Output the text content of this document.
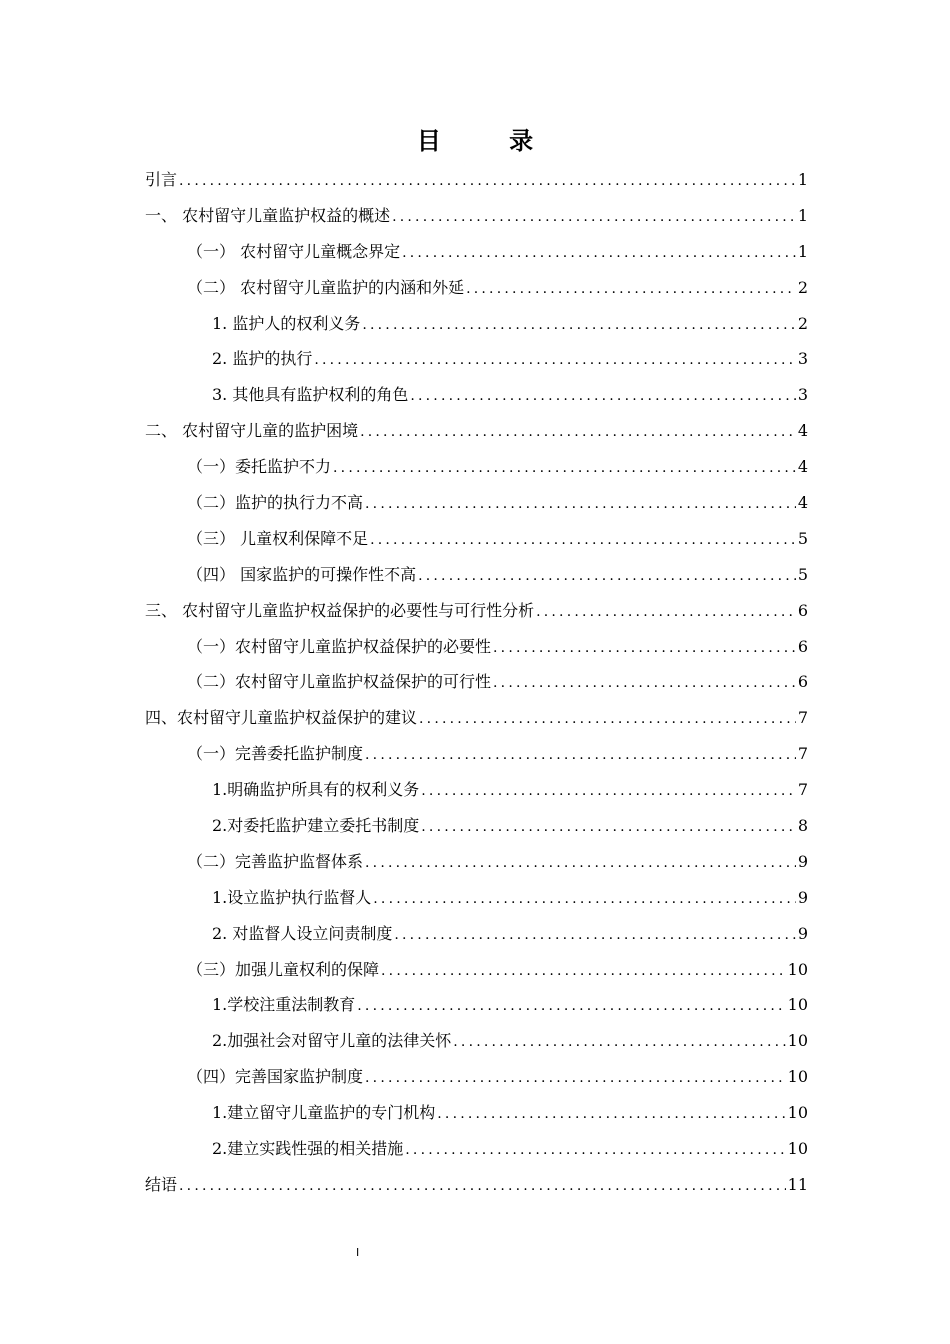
目 录
引言 .....	1
一、 农村留守儿童监护权益的概述 .....	1
（一） 农村留守儿童概念界定 .....	1
（二） 农村留守儿童监护的内涵和外延 .....	2
1. 监护人的权利义务 .....	2
2. 监护的执行 .....	3
3. 其他具有监护权利的角色 .....	3
二、 农村留守儿童的监护困境 .....	4
（一）委托监护不力 .....	4
（二）监护的执行力不高 .....	4
（三） 儿童权利保障不足 .....	5
（四） 国家监护的可操作性不高 .....	5
三、 农村留守儿童监护权益保护的必要性与可行性分析 .....	6
（一）农村留守儿童监护权益保护的必要性 .....	6
（二）农村留守儿童监护权益保护的可行性 .....	6
四、农村留守儿童监护权益保护的建议 .....	7
（一）完善委托监护制度 .....	7
1.明确监护所具有的权利义务 .....	7
2.对委托监护建立委托书制度 .....	8
（二）完善监护监督体系 .....	9
1.设立监护执行监督人 .....	9
2. 对监督人设立问责制度 .....	9
（三）加强儿童权利的保障 .....	10
1.学校注重法制教育 .....	10
2.加强社会对留守儿童的法律关怀 .....	10
（四）完善国家监护制度 .....	10
1.建立留守儿童监护的专门机构 .....	10
2.建立实践性强的相关措施 .....	10
结语 .....	11
I
